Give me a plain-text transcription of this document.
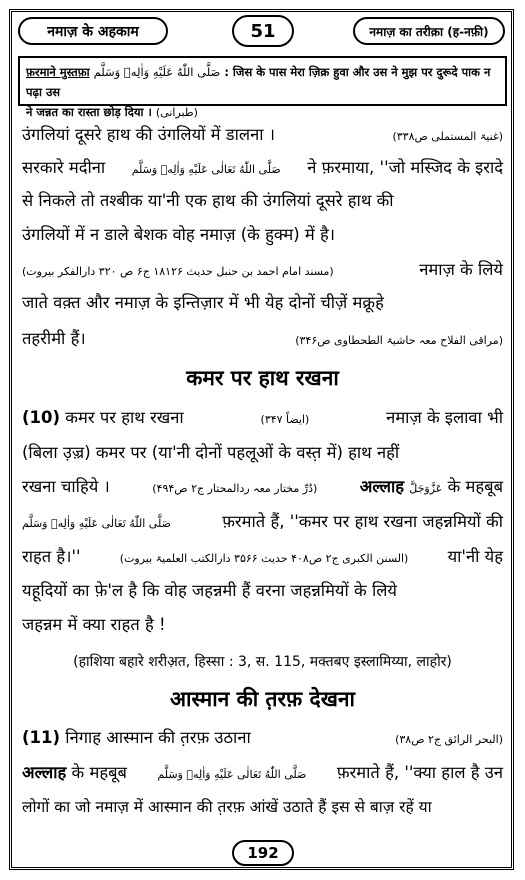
नमाज़ के अहकाम	51	नमाज़ का तरीक़ा (ह-नफ़ी)
फ़रमाने मुस्तफ़ा صَلَّى اللّٰهُ عَلَيْهِ وَاٰلِهٖ وَسَلَّم : जिस के पास मेरा ज़िक्र हुवा और उस ने मुझ पर दुरूदे पाक न पढ़ा उस
ने जन्नत का रास्ता छोड़ दिया । (طبرانی)
उंगलियां दूसरे हाथ की उंगलियों में डालना ।	(غنیۃ المستملی ص۳۳۸)
सरकारे मदीना صَلَّى اللّٰهُ تَعَالٰى عَلَيْهِ وَاٰلِهٖ وَسَلَّم ने फ़रमाया, ''जो मस्जिद के इरादे
से निकले तो तश्बीक या'नी एक हाथ की उंगलियां दूसरे हाथ की
उंगलियों में न डाले बेशक वोह नमाज़ (के हुक्म) में है।
(مسند امام احمد بن حنبل حدیث ۱۸۱۲۶ ج۶ ص ۳۲۰ دارالفکر بیروت)	नमाज़ के लिये
जाते वक़्त और नमाज़ के इन्तिज़ार में भी येह दोनों चीज़ें मक्रूहे
तहरीमी हैं।	(مراقی الفلاح معہ حاشیۃ الطحطاوی ص۳۴۶)
कमर पर हाथ रखना
(10) कमर पर हाथ रखना	(ایضاً ۳۴۷)	नमाज़ के इलावा भी
(बिला उ़ज़्र) कमर पर (या'नी दोनों पहलूओं के वस्त़ में) हाथ नहीं
रखना चाहिये ।	(دُرِّ مختار معہ ردالمحتار ج۲ ص۴۹۴)	अल्लाह عَزَّوَجَلَّ के महबूब
صَلَّى اللّٰهُ تَعَالٰى عَلَيْهِ وَاٰلِهٖ وَسَلَّم	फ़रमाते हैं, ''कमर पर हाथ रखना जहन्नमियों की
राहत है।''	(السنن الکبری ج۲ ص۴۰۸ حدیث ۳۵۶۶ دارالکتب العلمیۃ بیروت) या'नी येह
यहूदियों का फ़े'ल है कि वोह जहन्नमी हैं वरना जहन्नमियों के लिये
जहन्नम में क्या राहत है !
(हाशिया बहारे शरीअ़त, हिस्सा : 3, स. 115, मक्तबए इस्लामिय्या, लाहोर)
आस्मान की त़रफ़ देखना
(11) निगाह आस्मान की त़रफ़ उठाना	(البحر الرائق ج۲ ص۳۸)
अल्लाह के महबूब	صَلَّى اللّٰهُ تَعَالٰى عَلَيْهِ وَاٰلِهٖ وَسَلَّم फ़रमाते हैं, ''क्या हाल है उन
लोगों का जो नमाज़ में आस्मान की त़रफ़ आंखें उठाते हैं इस से बाज़ रहें या
192
